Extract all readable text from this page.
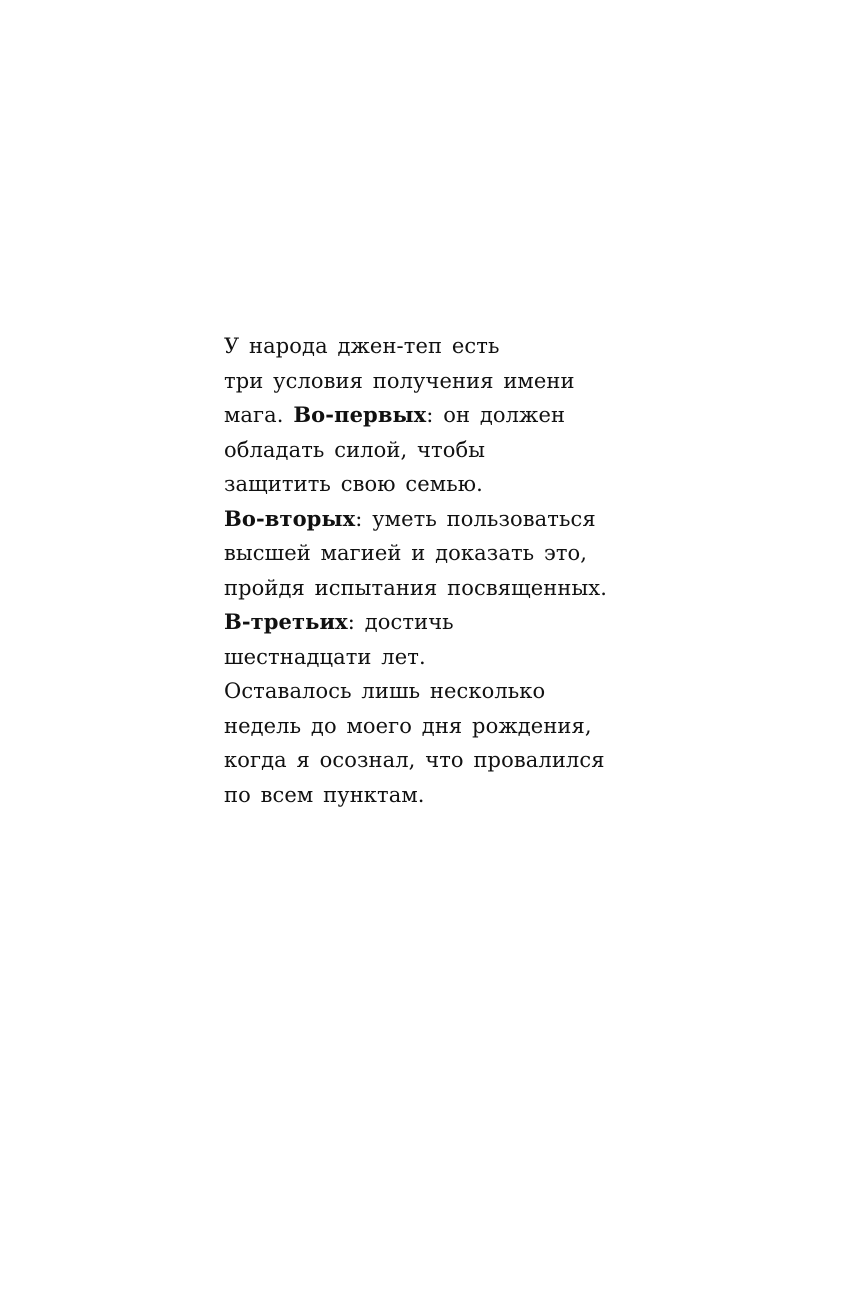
У народа джен-теп есть
три условия получения имени
мага. Во-первых: он должен
обладать силой, чтобы
защитить свою семью.
Во-вторых: уметь пользоваться
высшей магией и доказать это,
пройдя испытания посвященных.
В-третьих: достичь
шестнадцати лет.
Оставалось лишь несколько
недель до моего дня рождения,
когда я осознал, что провалился
по всем пунктам.
